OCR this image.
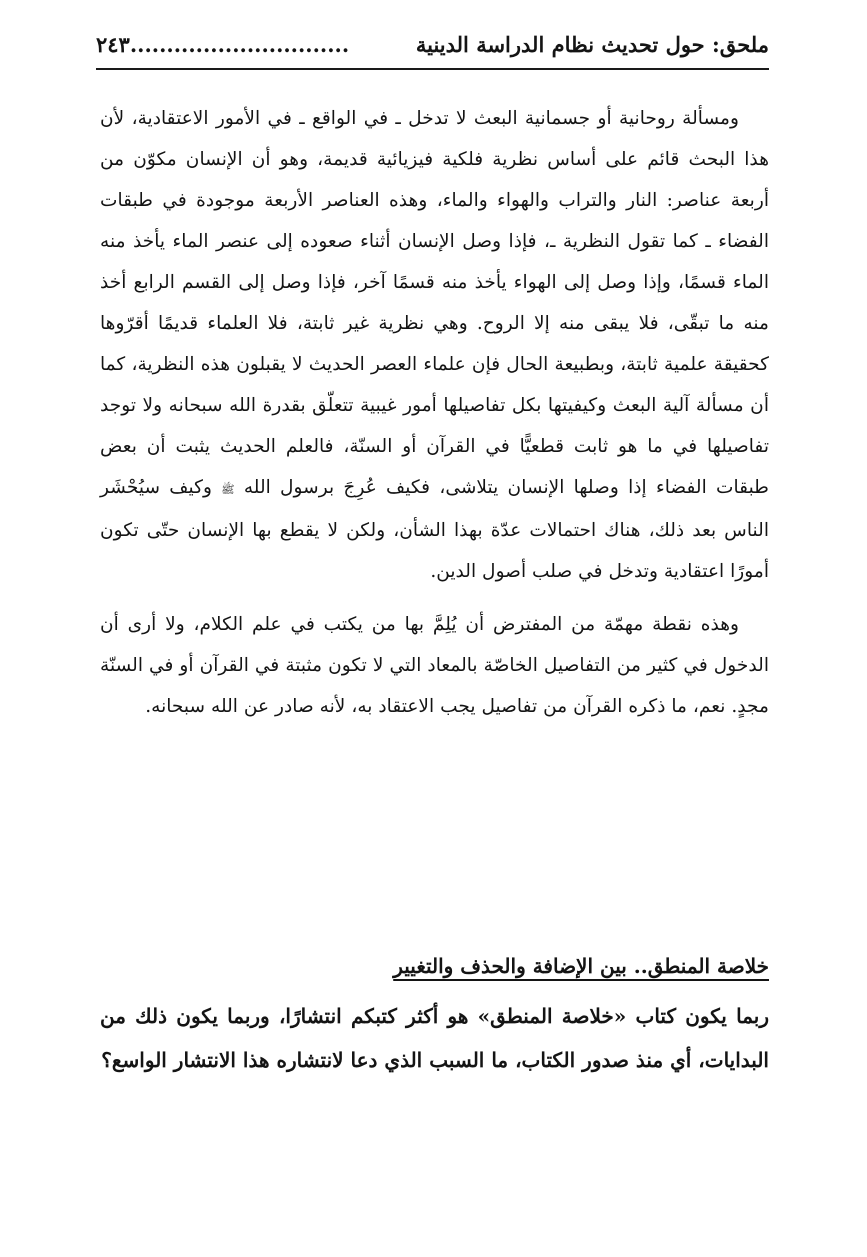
ملحق: حول تحديث نظام الدراسة الدينية
..............................٢٤٣

ومسألة روحانية أو جسمانية البعث لا تدخل ـ في الواقع ـ في الأمور الاعتقادية، لأن هذا البحث قائم على أساس نظرية فلكية فيزيائية قديمة، وهو أن الإنسان مكوّن من أربعة عناصر: النار والتراب والهواء والماء، وهذه العناصر الأربعة موجودة في طبقات الفضاء ـ كما تقول النظرية ـ، فإذا وصل الإنسان أثناء صعوده إلى عنصر الماء يأخذ منه الماء قسمًا، وإذا وصل إلى الهواء يأخذ منه قسمًا آخر، فإذا وصل إلى القسم الرابع أخذ منه ما تبقّى، فلا يبقى منه إلا الروح. وهي نظرية غير ثابتة، فلا العلماء قديمًا أقرّوها كحقيقة علمية ثابتة، وبطبيعة الحال فإن علماء العصر الحديث لا يقبلون هذه النظرية، كما أن مسألة آلية البعث وكيفيتها بكل تفاصيلها أمور غيبية تتعلّق بقدرة الله سبحانه ولا توجد تفاصيلها في ما هو ثابت قطعيًّا في القرآن أو السنّة، فالعلم الحديث يثبت أن بعض طبقات الفضاء إذا وصلها الإنسان يتلاشى، فكيف عُرِجَ برسول الله ﷺ وكيف سيُحْشَر الناس بعد ذلك، هناك احتمالات عدّة بهذا الشأن، ولكن لا يقطع بها الإنسان حتّى تكون أمورًا اعتقادية وتدخل في صلب أصول الدين.

وهذه نقطة مهمّة من المفترض أن يُلِمَّ بها من يكتب في علم الكلام، ولا أرى أن الدخول في كثير من التفاصيل الخاصّة بالمعاد التي لا تكون مثبتة في القرآن أو في السنّة مجدٍ. نعم، ما ذكره القرآن من تفاصيل يجب الاعتقاد به، لأنه صادر عن الله سبحانه.

خلاصة المنطق.. بين الإضافة والحذف والتغيير

ربما يكون كتاب «خلاصة المنطق» هو أكثر كتبكم انتشارًا، وربما يكون ذلك من البدايات، أي منذ صدور الكتاب، ما السبب الذي دعا لانتشاره هذا الانتشار الواسع؟
